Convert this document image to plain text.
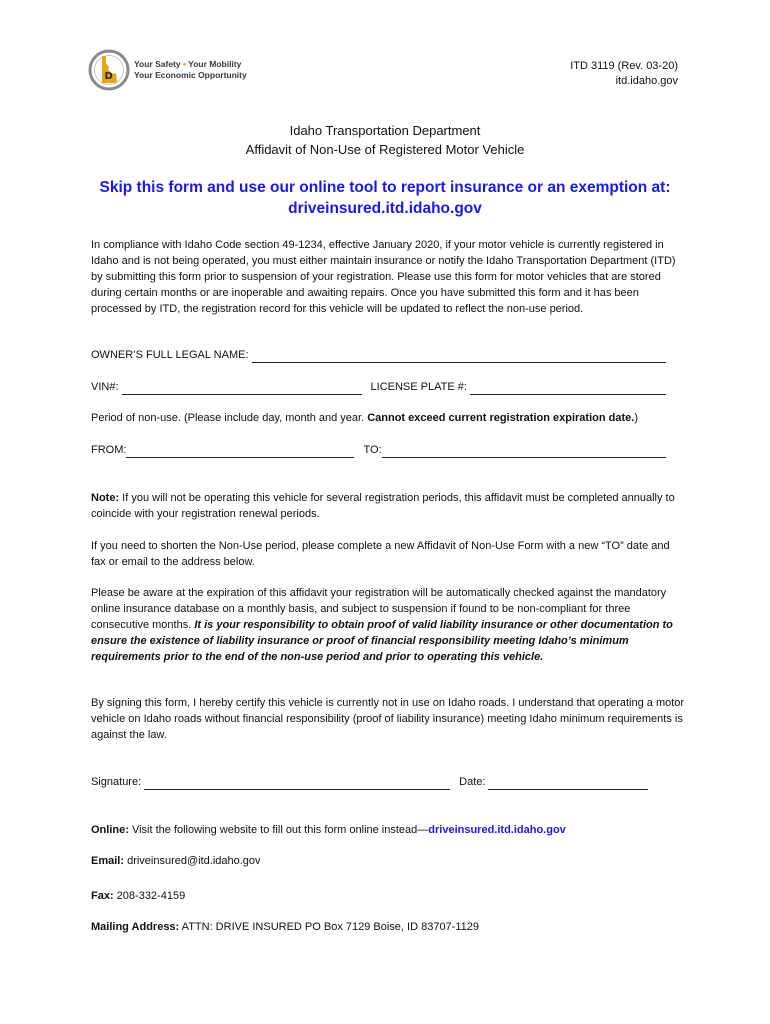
D
Your Safety • Your Mobility
Your Economic Opportunity
ITD 3119 (Rev. 03-20)
itd.idaho.gov
Idaho Transportation Department
Affidavit of Non-Use of Registered Motor Vehicle
Skip this form and use our online tool to report insurance or an exemption at:
driveinsured.itd.idaho.gov
In compliance with Idaho Code section 49-1234, effective January 2020, if your motor vehicle is currently registered in Idaho and is not being operated, you must either maintain insurance or notify the Idaho Transportation Department (ITD) by submitting this form prior to suspension of your registration. Please use this form for motor vehicles that are stored during certain months or are inoperable and awaiting repairs. Once you have submitted this form and it has been processed by ITD, the registration record for this vehicle will be updated to reflect the non-use period.
OWNER’S FULL LEGAL NAME:
VIN#:	LICENSE PLATE #:
Period of non-use. (Please include day, month and year. Cannot exceed current registration expiration date.)
FROM:	TO:
Note: If you will not be operating this vehicle for several registration periods, this affidavit must be completed annually to coincide with your registration renewal periods.
If you need to shorten the Non-Use period, please complete a new Affidavit of Non-Use Form with a new “TO” date and fax or email to the address below.
Please be aware at the expiration of this affidavit your registration will be automatically checked against the mandatory online insurance database on a monthly basis, and subject to suspension if found to be non-compliant for three consecutive months. It is your responsibility to obtain proof of valid liability insurance or other documentation to ensure the existence of liability insurance or proof of financial responsibility meeting Idaho’s minimum requirements prior to the end of the non-use period and prior to operating this vehicle.
By signing this form, I hereby certify this vehicle is currently not in use on Idaho roads. I understand that operating a motor vehicle on Idaho roads without financial responsibility (proof of liability insurance) meeting Idaho minimum requirements is against the law.
Signature:	Date:
Online: Visit the following website to fill out this form online instead—driveinsured.itd.idaho.gov
Email: driveinsured@itd.idaho.gov
Fax: 208-332-4159
Mailing Address: ATTN: DRIVE INSURED PO Box 7129 Boise, ID 83707-1129
